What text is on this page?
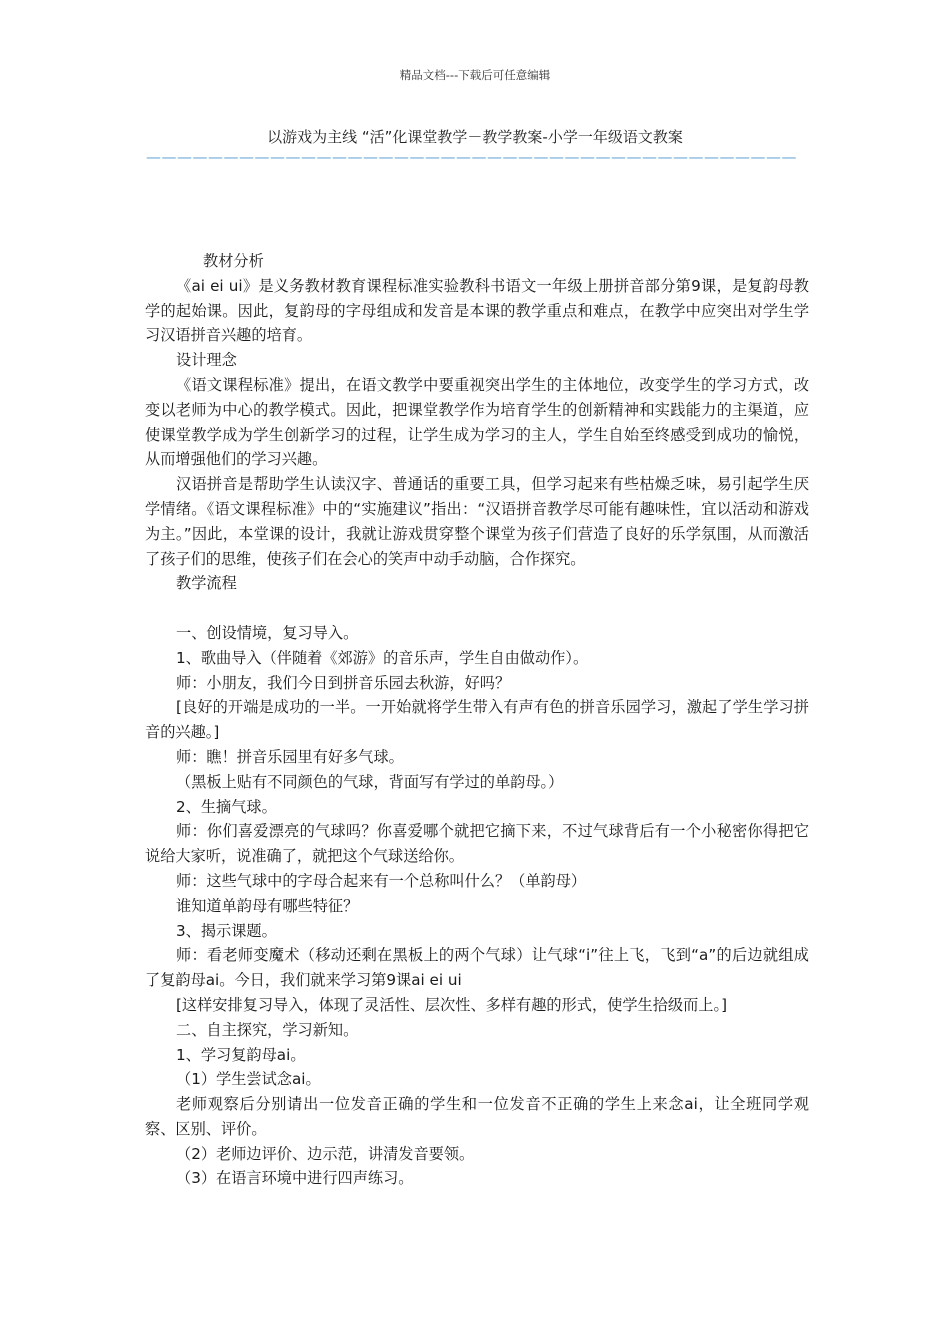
精品文档---下载后可任意编辑
以游戏为主线 “活”化课堂教学－教学教案-小学一年级语文教案
——————————————————————————————————————————

教材分析

《ai ei ui》是义务教材教育课程标准实验教科书语文一年级上册拼音部分第9课，是复韵母教学的起始课。因此，复韵母的字母组成和发音是本课的教学重点和难点，在教学中应突出对学生学习汉语拼音兴趣的培育。

设计理念

《语文课程标准》提出，在语文教学中要重视突出学生的主体地位，改变学生的学习方式，改变以老师为中心的教学模式。因此，把课堂教学作为培育学生的创新精神和实践能力的主渠道，应使课堂教学成为学生创新学习的过程，让学生成为学习的主人，学生自始至终感受到成功的愉悦，从而增强他们的学习兴趣。

汉语拼音是帮助学生认读汉字、普通话的重要工具，但学习起来有些枯燥乏味，易引起学生厌学情绪。《语文课程标准》中的“实施建议”指出：“汉语拼音教学尽可能有趣味性，宜以活动和游戏为主。”因此，本堂课的设计，我就让游戏贯穿整个课堂为孩子们营造了良好的乐学氛围，从而激活了孩子们的思维，使孩子们在会心的笑声中动手动脑，合作探究。

教学流程

一、创设情境，复习导入。

1、歌曲导入（伴随着《郊游》的音乐声，学生自由做动作）。

师：小朋友，我们今日到拼音乐园去秋游，好吗？

[良好的开端是成功的一半。一开始就将学生带入有声有色的拼音乐园学习，激起了学生学习拼音的兴趣。]

师：瞧！拼音乐园里有好多气球。

（黑板上贴有不同颜色的气球，背面写有学过的单韵母。）

2、生摘气球。

师：你们喜爱漂亮的气球吗？你喜爱哪个就把它摘下来，不过气球背后有一个小秘密你得把它说给大家听，说准确了，就把这个气球送给你。

师：这些气球中的字母合起来有一个总称叫什么？（单韵母）

谁知道单韵母有哪些特征？

3、揭示课题。

师：看老师变魔术（移动还剩在黑板上的两个气球）让气球“i”往上飞，飞到“a”的后边就组成了复韵母ai。今日，我们就来学习第9课ai ei ui

[这样安排复习导入，体现了灵活性、层次性、多样有趣的形式，使学生拾级而上。]

二、自主探究，学习新知。

1、学习复韵母ai。

（1）学生尝试念ai。

老师观察后分别请出一位发音正确的学生和一位发音不正确的学生上来念ai，让全班同学观察、区别、评价。

（2）老师边评价、边示范，讲清发音要领。

（3）在语言环境中进行四声练习。
